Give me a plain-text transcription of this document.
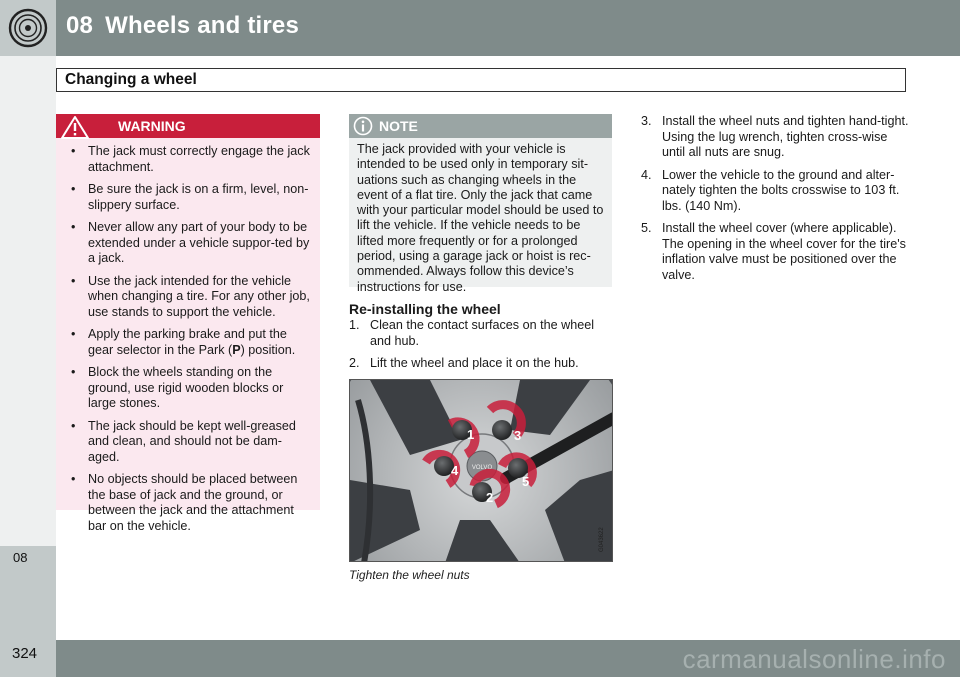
08 Wheels and tires
Changing a wheel
08
WARNING
• The jack must correctly engage the jack attachment.
• Be sure the jack is on a firm, level, non-slippery surface.
• Never allow any part of your body to be extended under a vehicle suppor-ted by a jack.
• Use the jack intended for the vehicle when changing a tire. For any other job, use stands to support the vehicle.
• Apply the parking brake and put the gear selector in the Park (P) position.
• Block the wheels standing on the ground, use rigid wooden blocks or large stones.
• The jack should be kept well-greased and clean, and should not be dam-aged.
• No objects should be placed between the base of jack and the ground, or between the jack and the attachment bar on the vehicle.
NOTE

The jack provided with your vehicle is intended to be used only in temporary sit-uations such as changing wheels in the event of a flat tire. Only the jack that came with your particular model should be used to lift the vehicle. If the vehicle needs to be lifted more frequently or for a prolonged period, using a garage jack or hoist is rec-ommended. Always follow this device’s instructions for use.

Re-installing the wheel
1. Clean the contact surfaces on the wheel and hub.
2. Lift the wheel and place it on the hub.
VOLVO
1
2
3
4
5
G043622
Tighten the wheel nuts
3. Install the wheel nuts and tighten hand-tight. Using the lug wrench, tighten cross-wise until all nuts are snug.
4. Lower the vehicle to the ground and alter-nately tighten the bolts crosswise to 103 ft. lbs. (140 Nm).
5. Install the wheel cover (where applicable). The opening in the wheel cover for the tire's inflation valve must be positioned over the valve.
324	carmanualsonline.info
